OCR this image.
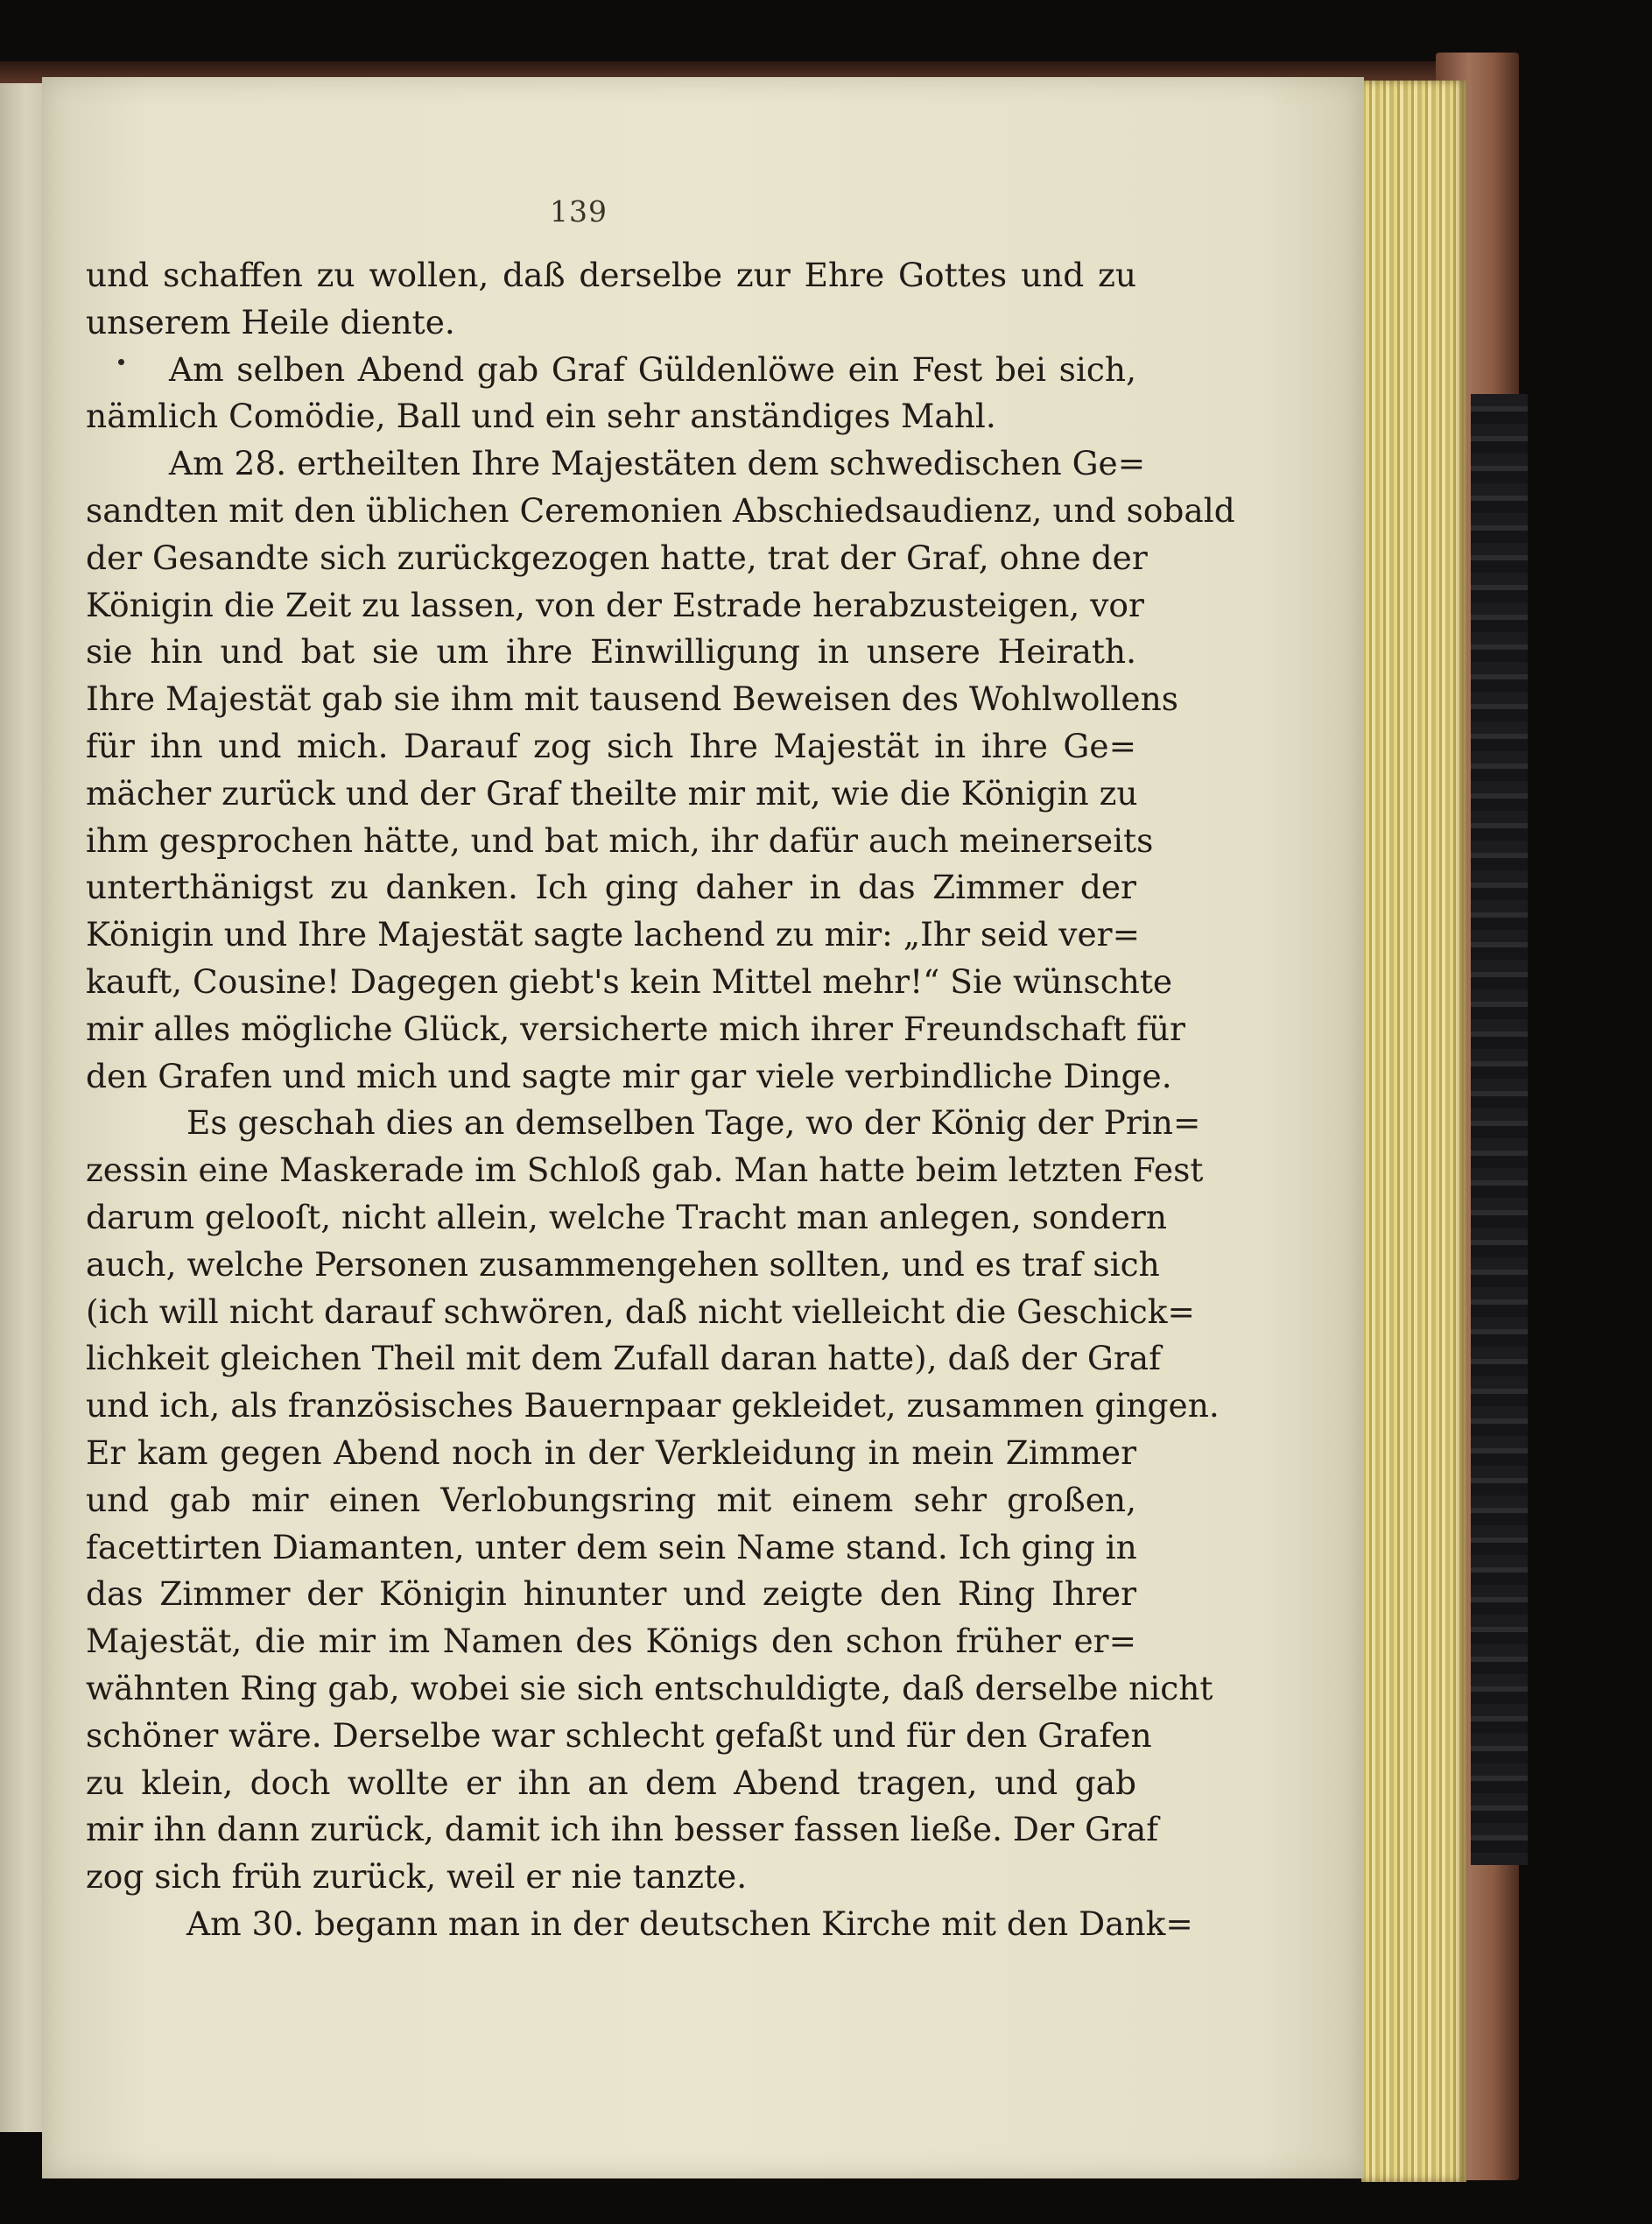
139
und schaffen zu wollen, daß derselbe zur Ehre Gottes und zu
unserem Heile diente.
Am selben Abend gab Graf Güldenlöwe ein Fest bei sich,
nämlich Comödie, Ball und ein sehr anständiges Mahl.
Am 28. ertheilten Ihre Majestäten dem schwedischen Ge=
sandten mit den üblichen Ceremonien Abschiedsaudienz, und sobald
der Gesandte sich zurückgezogen hatte, trat der Graf, ohne der
Königin die Zeit zu lassen, von der Estrade herabzusteigen, vor
sie hin und bat sie um ihre Einwilligung in unsere Heirath.
Ihre Majestät gab sie ihm mit tausend Beweisen des Wohlwollens
für ihn und mich. Darauf zog sich Ihre Majestät in ihre Ge=
mächer zurück und der Graf theilte mir mit, wie die Königin zu
ihm gesprochen hätte, und bat mich, ihr dafür auch meinerseits
unterthänigst zu danken. Ich ging daher in das Zimmer der
Königin und Ihre Majestät sagte lachend zu mir: „Ihr seid ver=
kauft, Cousine! Dagegen giebt's kein Mittel mehr!“ Sie wünschte
mir alles mögliche Glück, versicherte mich ihrer Freundschaft für
den Grafen und mich und sagte mir gar viele verbindliche Dinge.
Es geschah dies an demselben Tage, wo der König der Prin=
zessin eine Maskerade im Schloß gab. Man hatte beim letzten Fest
darum gelooſt, nicht allein, welche Tracht man anlegen, sondern
auch, welche Personen zusammengehen sollten, und es traf sich
(ich will nicht darauf schwören, daß nicht vielleicht die Geschick=
lichkeit gleichen Theil mit dem Zufall daran hatte), daß der Graf
und ich, als französisches Bauernpaar gekleidet, zusammen gingen.
Er kam gegen Abend noch in der Verkleidung in mein Zimmer
und gab mir einen Verlobungsring mit einem sehr großen,
facettirten Diamanten, unter dem sein Name stand. Ich ging in
das Zimmer der Königin hinunter und zeigte den Ring Ihrer
Majestät, die mir im Namen des Königs den schon früher er=
wähnten Ring gab, wobei sie sich entschuldigte, daß derselbe nicht
schöner wäre. Derselbe war schlecht gefaßt und für den Grafen
zu klein, doch wollte er ihn an dem Abend tragen, und gab
mir ihn dann zurück, damit ich ihn besser fassen ließe. Der Graf
zog sich früh zurück, weil er nie tanzte.
Am 30. begann man in der deutschen Kirche mit den Dank=
